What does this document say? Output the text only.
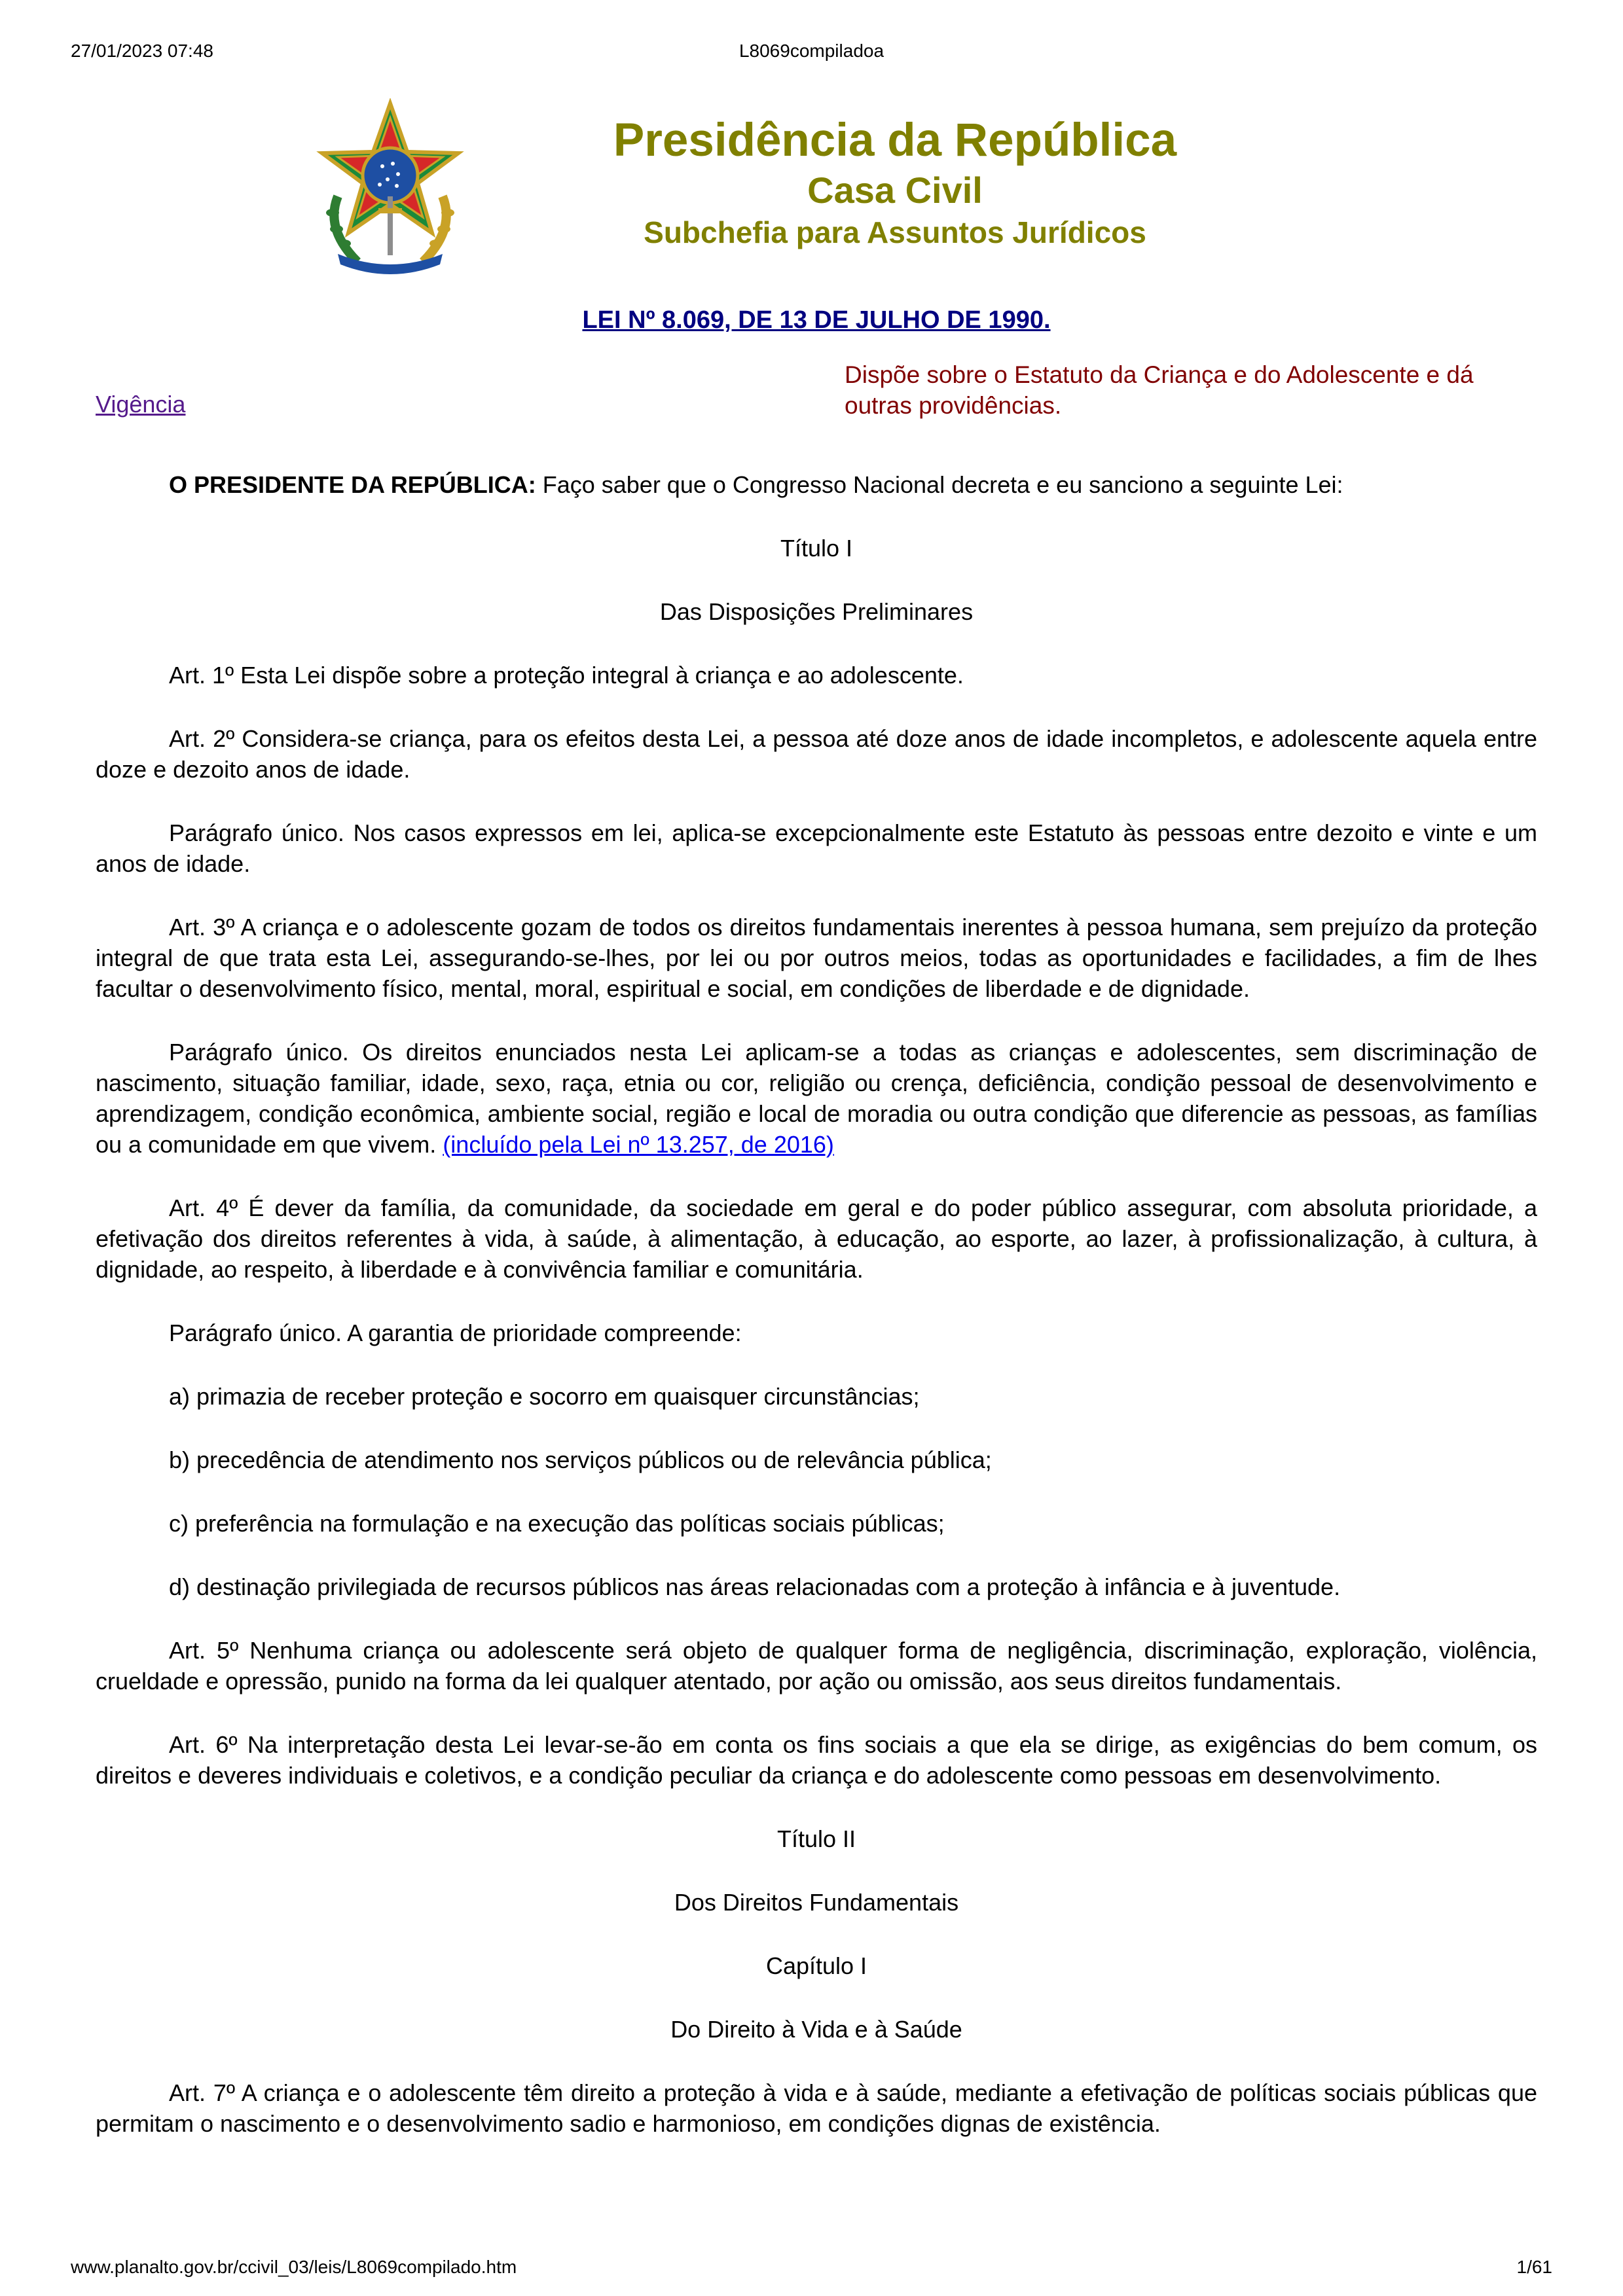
27/01/2023 07:48	L8069compiladoa
Presidência da República
Casa Civil
Subchefia para Assuntos Jurídicos
LEI Nº 8.069, DE 13 DE JULHO DE 1990.
Vigência
Dispõe sobre o Estatuto da Criança e do Adolescente e dá outras providências.

O PRESIDENTE DA REPÚBLICA: Faço saber que o Congresso Nacional decreta e eu sanciono a seguinte Lei:

Título I

Das Disposições Preliminares

Art. 1º Esta Lei dispõe sobre a proteção integral à criança e ao adolescente.

Art. 2º Considera-se criança, para os efeitos desta Lei, a pessoa até doze anos de idade incompletos, e adolescente aquela entre doze e dezoito anos de idade.

Parágrafo único. Nos casos expressos em lei, aplica-se excepcionalmente este Estatuto às pessoas entre dezoito e vinte e um anos de idade.

Art. 3º A criança e o adolescente gozam de todos os direitos fundamentais inerentes à pessoa humana, sem prejuízo da proteção integral de que trata esta Lei, assegurando-se-lhes, por lei ou por outros meios, todas as oportunidades e facilidades, a fim de lhes facultar o desenvolvimento físico, mental, moral, espiritual e social, em condições de liberdade e de dignidade.

Parágrafo único. Os direitos enunciados nesta Lei aplicam-se a todas as crianças e adolescentes, sem discriminação de nascimento, situação familiar, idade, sexo, raça, etnia ou cor, religião ou crença, deficiência, condição pessoal de desenvolvimento e aprendizagem, condição econômica, ambiente social, região e local de moradia ou outra condição que diferencie as pessoas, as famílias ou a comunidade em que vivem. (incluído pela Lei nº 13.257, de 2016)

Art. 4º É dever da família, da comunidade, da sociedade em geral e do poder público assegurar, com absoluta prioridade, a efetivação dos direitos referentes à vida, à saúde, à alimentação, à educação, ao esporte, ao lazer, à profissionalização, à cultura, à dignidade, ao respeito, à liberdade e à convivência familiar e comunitária.

Parágrafo único. A garantia de prioridade compreende:

a) primazia de receber proteção e socorro em quaisquer circunstâncias;

b) precedência de atendimento nos serviços públicos ou de relevância pública;

c) preferência na formulação e na execução das políticas sociais públicas;

d) destinação privilegiada de recursos públicos nas áreas relacionadas com a proteção à infância e à juventude.

Art. 5º Nenhuma criança ou adolescente será objeto de qualquer forma de negligência, discriminação, exploração, violência, crueldade e opressão, punido na forma da lei qualquer atentado, por ação ou omissão, aos seus direitos fundamentais.

Art. 6º Na interpretação desta Lei levar-se-ão em conta os fins sociais a que ela se dirige, as exigências do bem comum, os direitos e deveres individuais e coletivos, e a condição peculiar da criança e do adolescente como pessoas em desenvolvimento.

Título II

Dos Direitos Fundamentais

Capítulo I

Do Direito à Vida e à Saúde

Art. 7º A criança e o adolescente têm direito a proteção à vida e à saúde, mediante a efetivação de políticas sociais públicas que permitam o nascimento e o desenvolvimento sadio e harmonioso, em condições dignas de existência.

www.planalto.gov.br/ccivil_03/leis/L8069compilado.htm	1/61
